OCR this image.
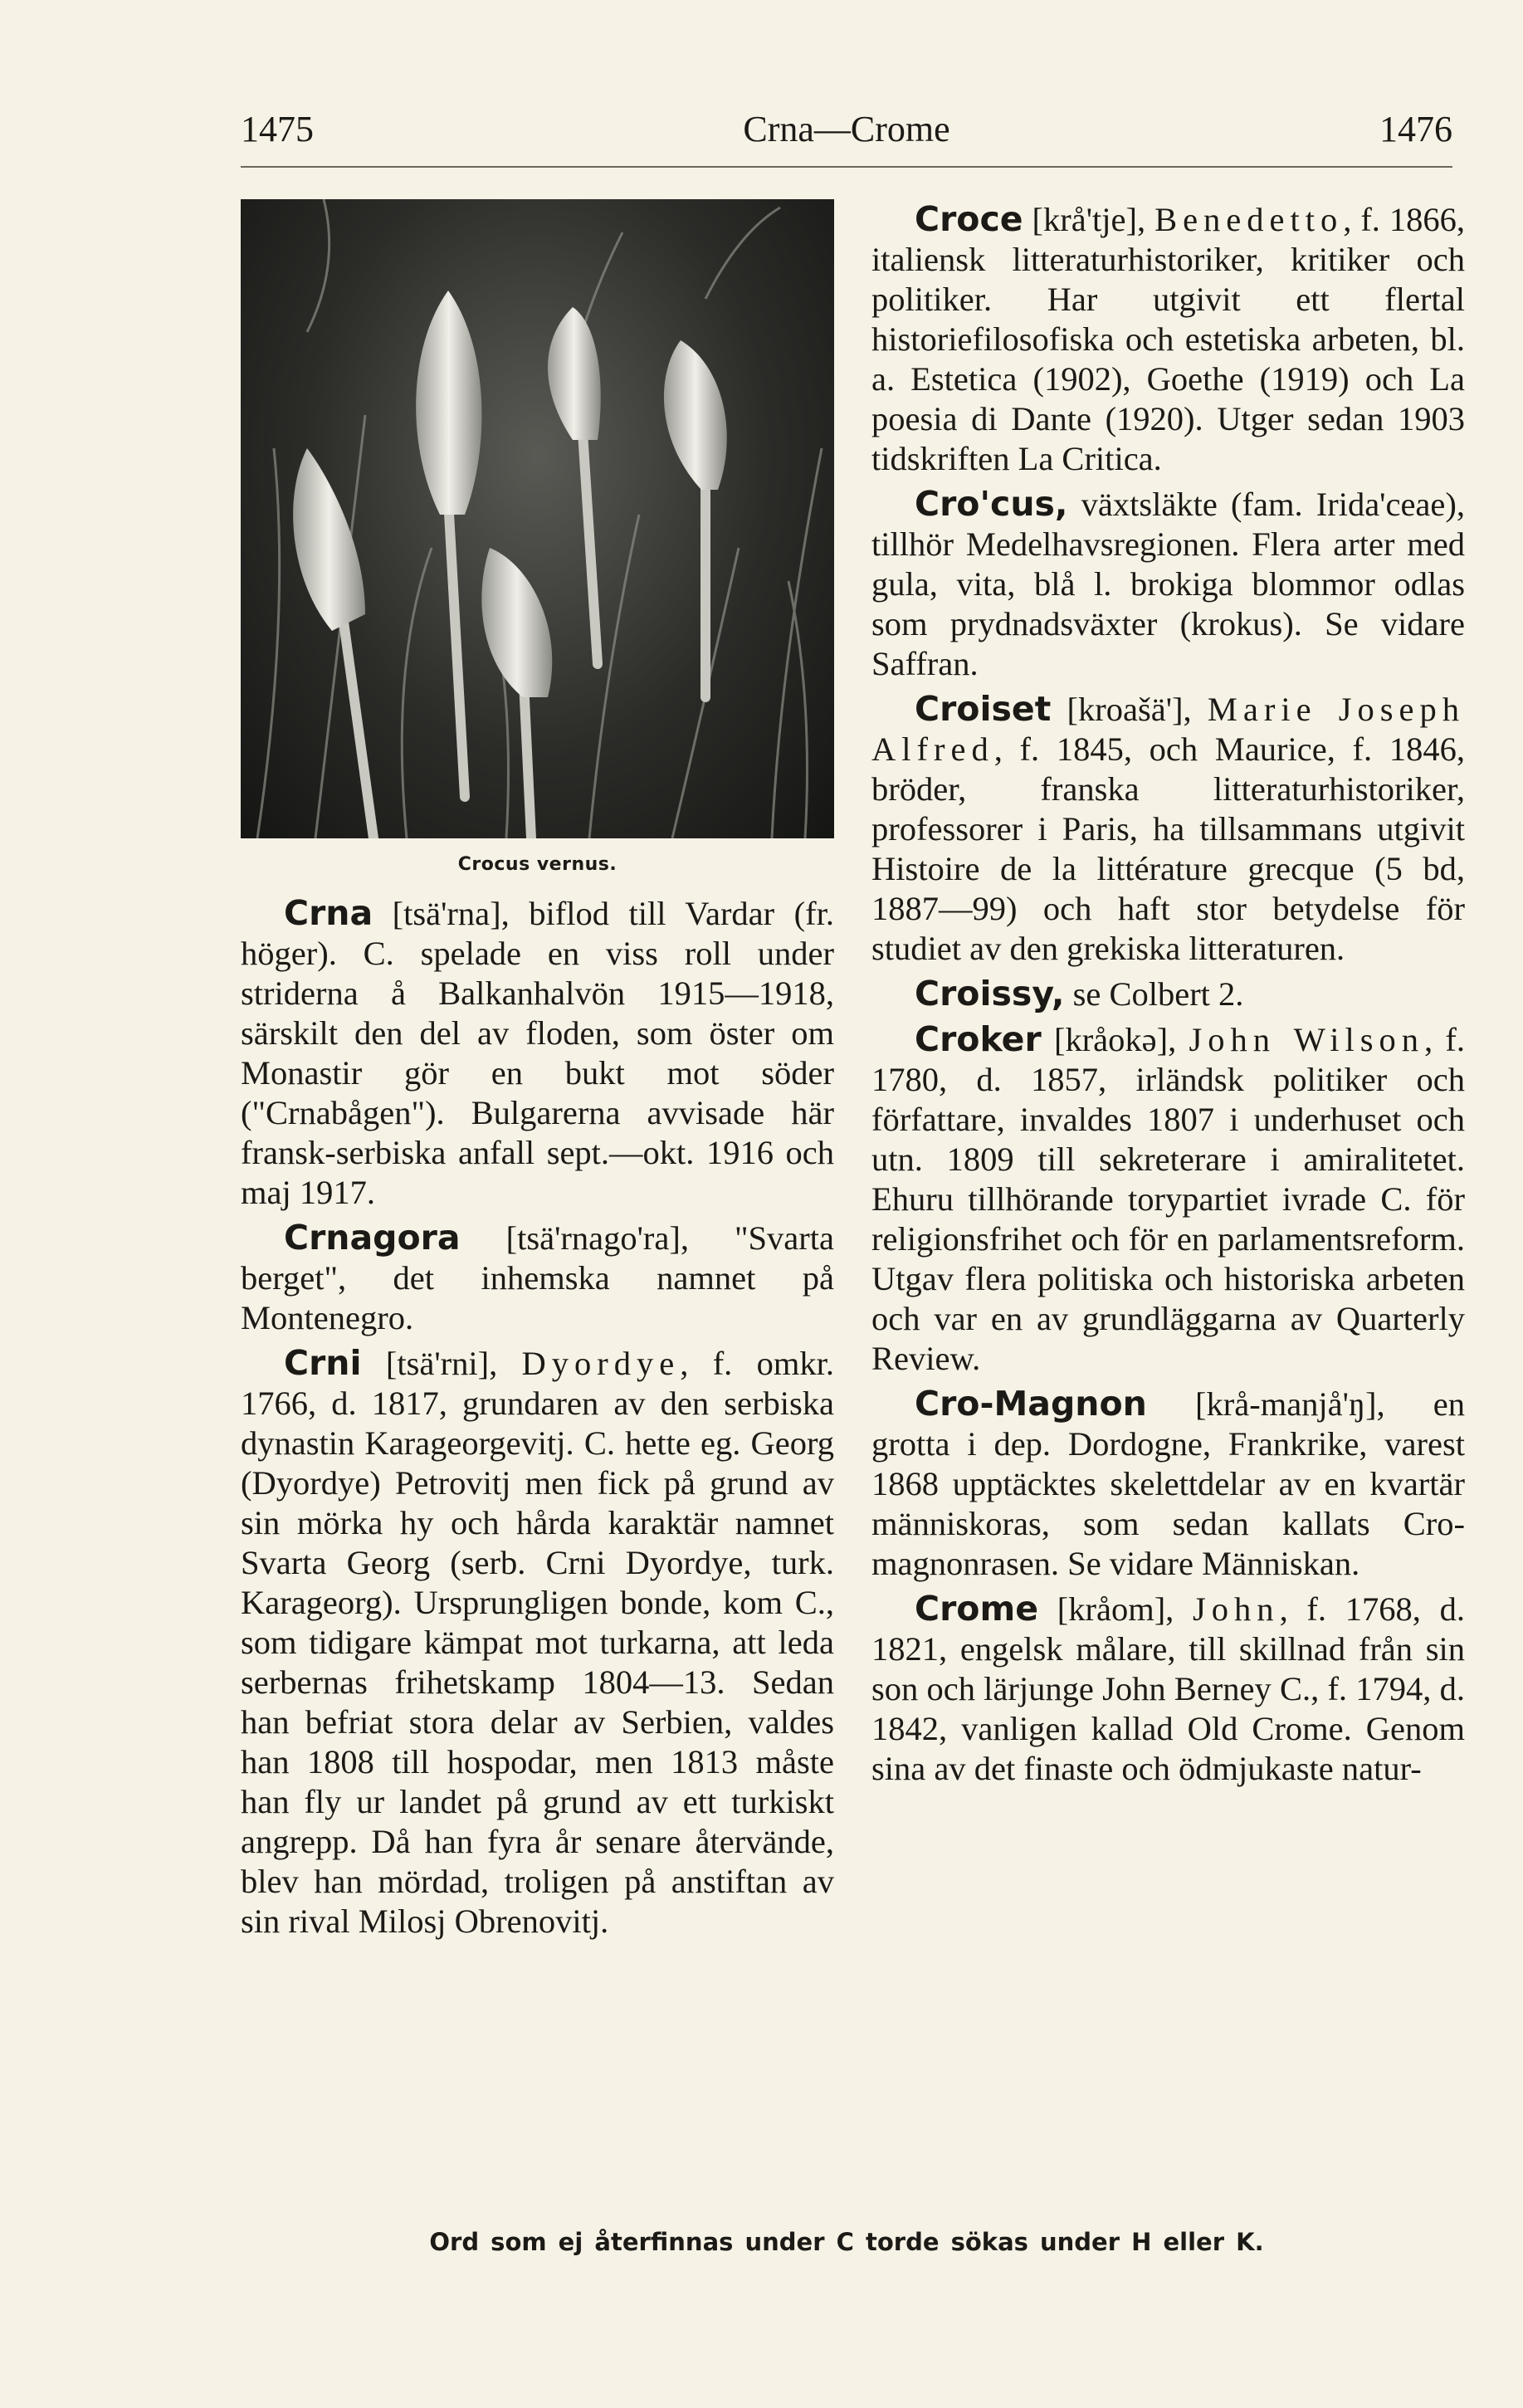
1475	Crna—Crome	1476
Crocus vernus.

Crna [tsä'rna], biflod till Vardar (fr. höger). C. spelade en viss roll under striderna å Balkanhalvön 1915—1918, särskilt den del av floden, som öster om Monastir gör en bukt mot söder ("Crnabågen"). Bulgarerna avvisade här fransk-serbiska anfall sept.—okt. 1916 och maj 1917.

Crnagora [tsä'rnago'ra], "Svarta berget", det inhemska namnet på Montenegro.

Crni [tsä'rni], Dyordye, f. omkr. 1766, d. 1817, grundaren av den serbiska dynastin Karageorgevitj. C. hette eg. Georg (Dyordye) Petrovitj men fick på grund av sin mörka hy och hårda karaktär namnet Svarta Georg (serb. Crni Dyordye, turk. Karageorg). Ursprungligen bonde, kom C., som tidigare kämpat mot turkarna, att leda serbernas frihetskamp 1804—13. Sedan han befriat stora delar av Serbien, valdes han 1808 till hospodar, men 1813 måste han fly ur landet på grund av ett turkiskt angrepp. Då han fyra år senare återvände, blev han mördad, troligen på anstiftan av sin rival Milosj Obrenovitj.

Croce [krå'tje], Benedetto, f. 1866, italiensk litteraturhistoriker, kritiker och politiker. Har utgivit ett flertal historiefilosofiska och estetiska arbeten, bl. a. Estetica (1902), Goethe (1919) och La poesia di Dante (1920). Utger sedan 1903 tidskriften La Critica.

Cro'cus, växtsläkte (fam. Irida'ceae), tillhör Medelhavsregionen. Flera arter med gula, vita, blå l. brokiga blommor odlas som prydnadsväxter (krokus). Se vidare Saffran.

Croiset [kroašä'], Marie Joseph Alfred, f. 1845, och Maurice, f. 1846, bröder, franska litteraturhistoriker, professorer i Paris, ha tillsammans utgivit Histoire de la littérature grecque (5 bd, 1887—99) och haft stor betydelse för studiet av den grekiska litteraturen.

Croissy, se Colbert 2.

Croker [kråokə], John Wilson, f. 1780, d. 1857, irländsk politiker och författare, invaldes 1807 i underhuset och utn. 1809 till sekreterare i amiralitetet. Ehuru tillhörande torypartiet ivrade C. för religionsfrihet och för en parlamentsreform. Utgav flera politiska och historiska arbeten och var en av grundläggarna av Quarterly Review.

Cro-Magnon [krå-manjå'ŋ], en grotta i dep. Dordogne, Frankrike, varest 1868 upptäcktes skelettdelar av en kvartär människoras, som sedan kallats Cro-magnonrasen. Se vidare Människan.

Crome [kråom], John, f. 1768, d. 1821, engelsk målare, till skillnad från sin son och lärjunge John Berney C., f. 1794, d. 1842, vanligen kallad Old Crome. Genom sina av det finaste och ödmjukaste natur-

Ord som ej återfinnas under C torde sökas under H eller K.
